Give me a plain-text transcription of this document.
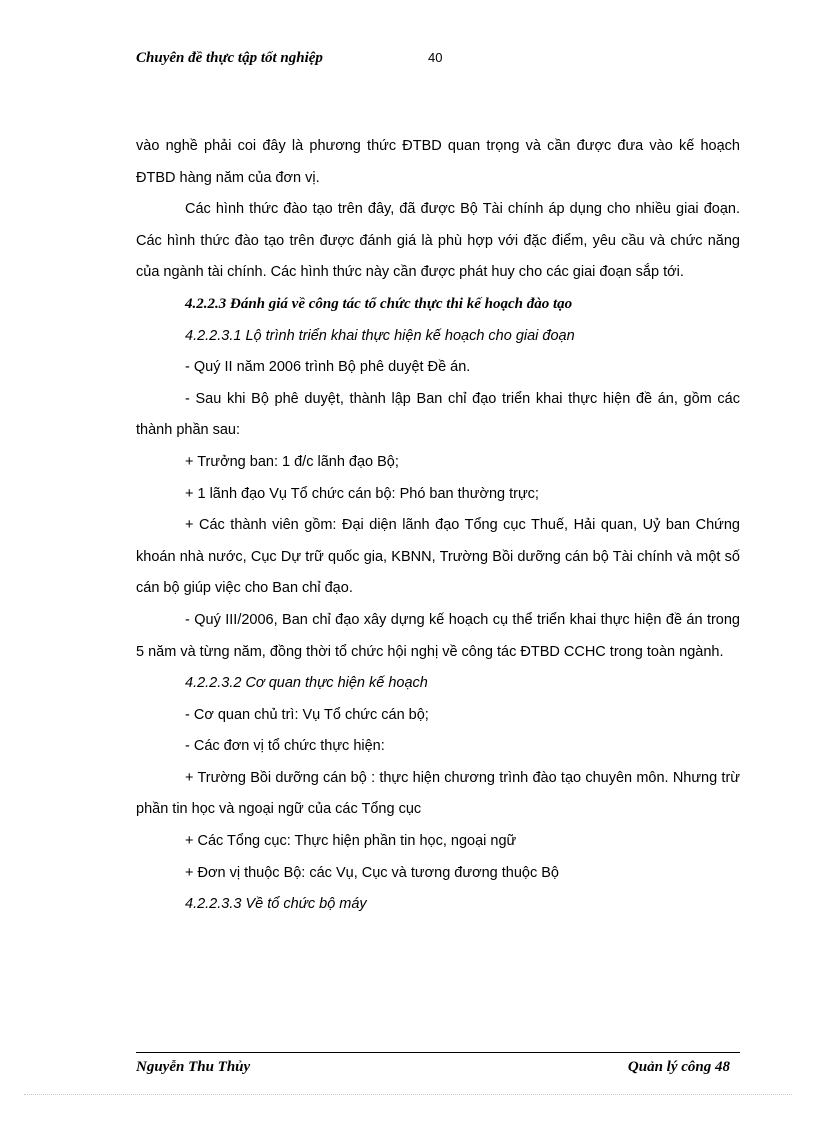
Chuyên đề thực tập tốt nghiệp	40

vào nghề phải coi đây là phương thức ĐTBD quan trọng và cần được đưa vào kế hoạch ĐTBD hàng năm của đơn vị.

Các hình thức đào tạo trên đây, đã được Bộ Tài chính áp dụng cho nhiều giai đoạn. Các hình thức đào tạo trên được đánh giá là phù hợp với đặc điểm, yêu cầu và chức năng của ngành tài chính. Các hình thức này cần được phát huy cho các giai đoạn sắp tới.

4.2.2.3 Đánh giá về công tác tổ chức thực thi kế hoạch đào tạo

4.2.2.3.1 Lộ trình triển khai thực hiện kế hoạch cho giai đoạn

- Quý II năm 2006 trình Bộ phê duyệt Đề án.

- Sau khi Bộ phê duyệt, thành lập Ban chỉ đạo triển khai thực hiện đề án, gồm các thành phần sau:

+ Trưởng ban: 1 đ/c lãnh đạo Bộ;

+ 1 lãnh đạo Vụ Tổ chức cán bộ: Phó ban thường trực;

+ Các thành viên gồm: Đại diện lãnh đạo Tổng cục Thuế, Hải quan, Uỷ ban Chứng khoán nhà nước, Cục Dự trữ quốc gia, KBNN, Trường Bồi dưỡng cán bộ Tài chính và một số cán bộ giúp việc cho Ban chỉ đạo.

- Quý III/2006, Ban chỉ đạo xây dựng kế hoạch cụ thể triển khai thực hiện đề án trong 5 năm và từng năm, đồng thời tổ chức hội nghị về công tác ĐTBD CCHC trong toàn ngành.

4.2.2.3.2 Cơ quan thực hiện kế hoạch

- Cơ quan chủ trì: Vụ Tổ chức cán bộ;

- Các đơn vị tổ chức thực hiện:

+ Trường Bồi dưỡng cán bộ : thực hiện chương trình đào tạo chuyên môn. Nhưng trừ phần tin học và ngoại ngữ của các Tổng cục

+ Các Tổng cục: Thực hiện phần tin học, ngoại ngữ

+ Đơn vị thuộc Bộ: các Vụ, Cục và tương đương thuộc Bộ

4.2.2.3.3 Về tổ chức bộ máy

Nguyễn Thu Thủy	Quản lý công 48
